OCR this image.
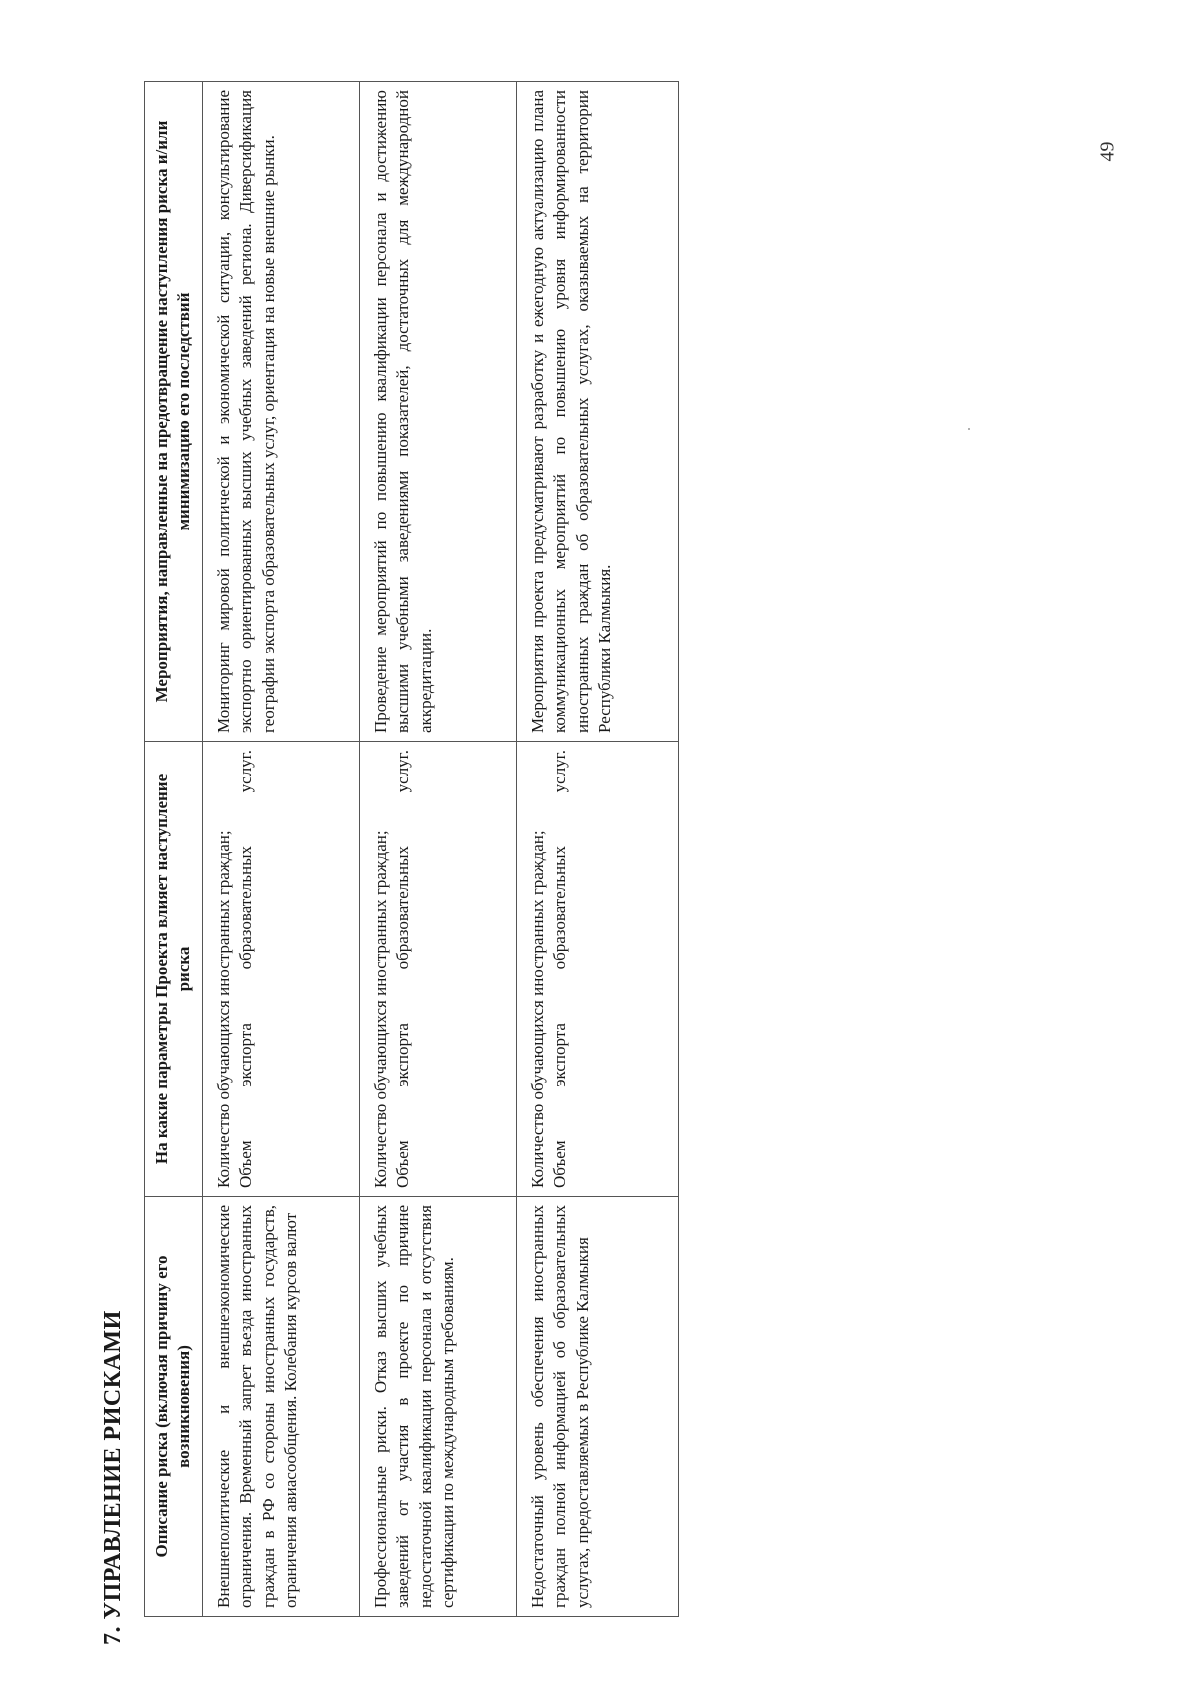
7. УПРАВЛЕНИЕ РИСКАМИ Описание риска (включая причину его возникновения)	На какие параметры Проекта влияет наступление риска	Мероприятия, направленные на предотвращение наступления риска и/или минимизацию его последствий
Внешнеполитические и внешнеэкономические ограничения. Временный запрет въезда иностранных граждан в РФ со стороны иностранных государств, ограничения авиасообщения. Колебания курсов валют	Количество обучающихся иностранных граждан; Объем экспорта образовательных услуг.	Мониторинг мировой политической и экономической ситуации, консультирование экспортно ориентированных высших учебных заведений региона. Диверсификация географии экспорта образовательных услуг, ориентация на новые внешние рынки.
Профессиональные риски. Отказ высших учебных заведений от участия в проекте по причине недостаточной квалификации персонала и отсутствия сертификации по международным требованиям.	Количество обучающихся иностранных граждан; Объем экспорта образовательных услуг.	Проведение мероприятий по повышению квалификации персонала и достижению высшими учебными заведениями показателей, достаточных для международной аккредитации.
Недостаточный уровень обеспечения иностранных граждан полной информацией об образовательных услугах, предоставляемых в Республике Калмыкия	Количество обучающихся иностранных граждан; Объем экспорта образовательных услуг.	Мероприятия проекта предусматривают разработку и ежегодную актуализацию плана коммуникационных мероприятий по повышению уровня информированности иностранных граждан об образовательных услугах, оказываемых на территории Республики Калмыкия.
49
